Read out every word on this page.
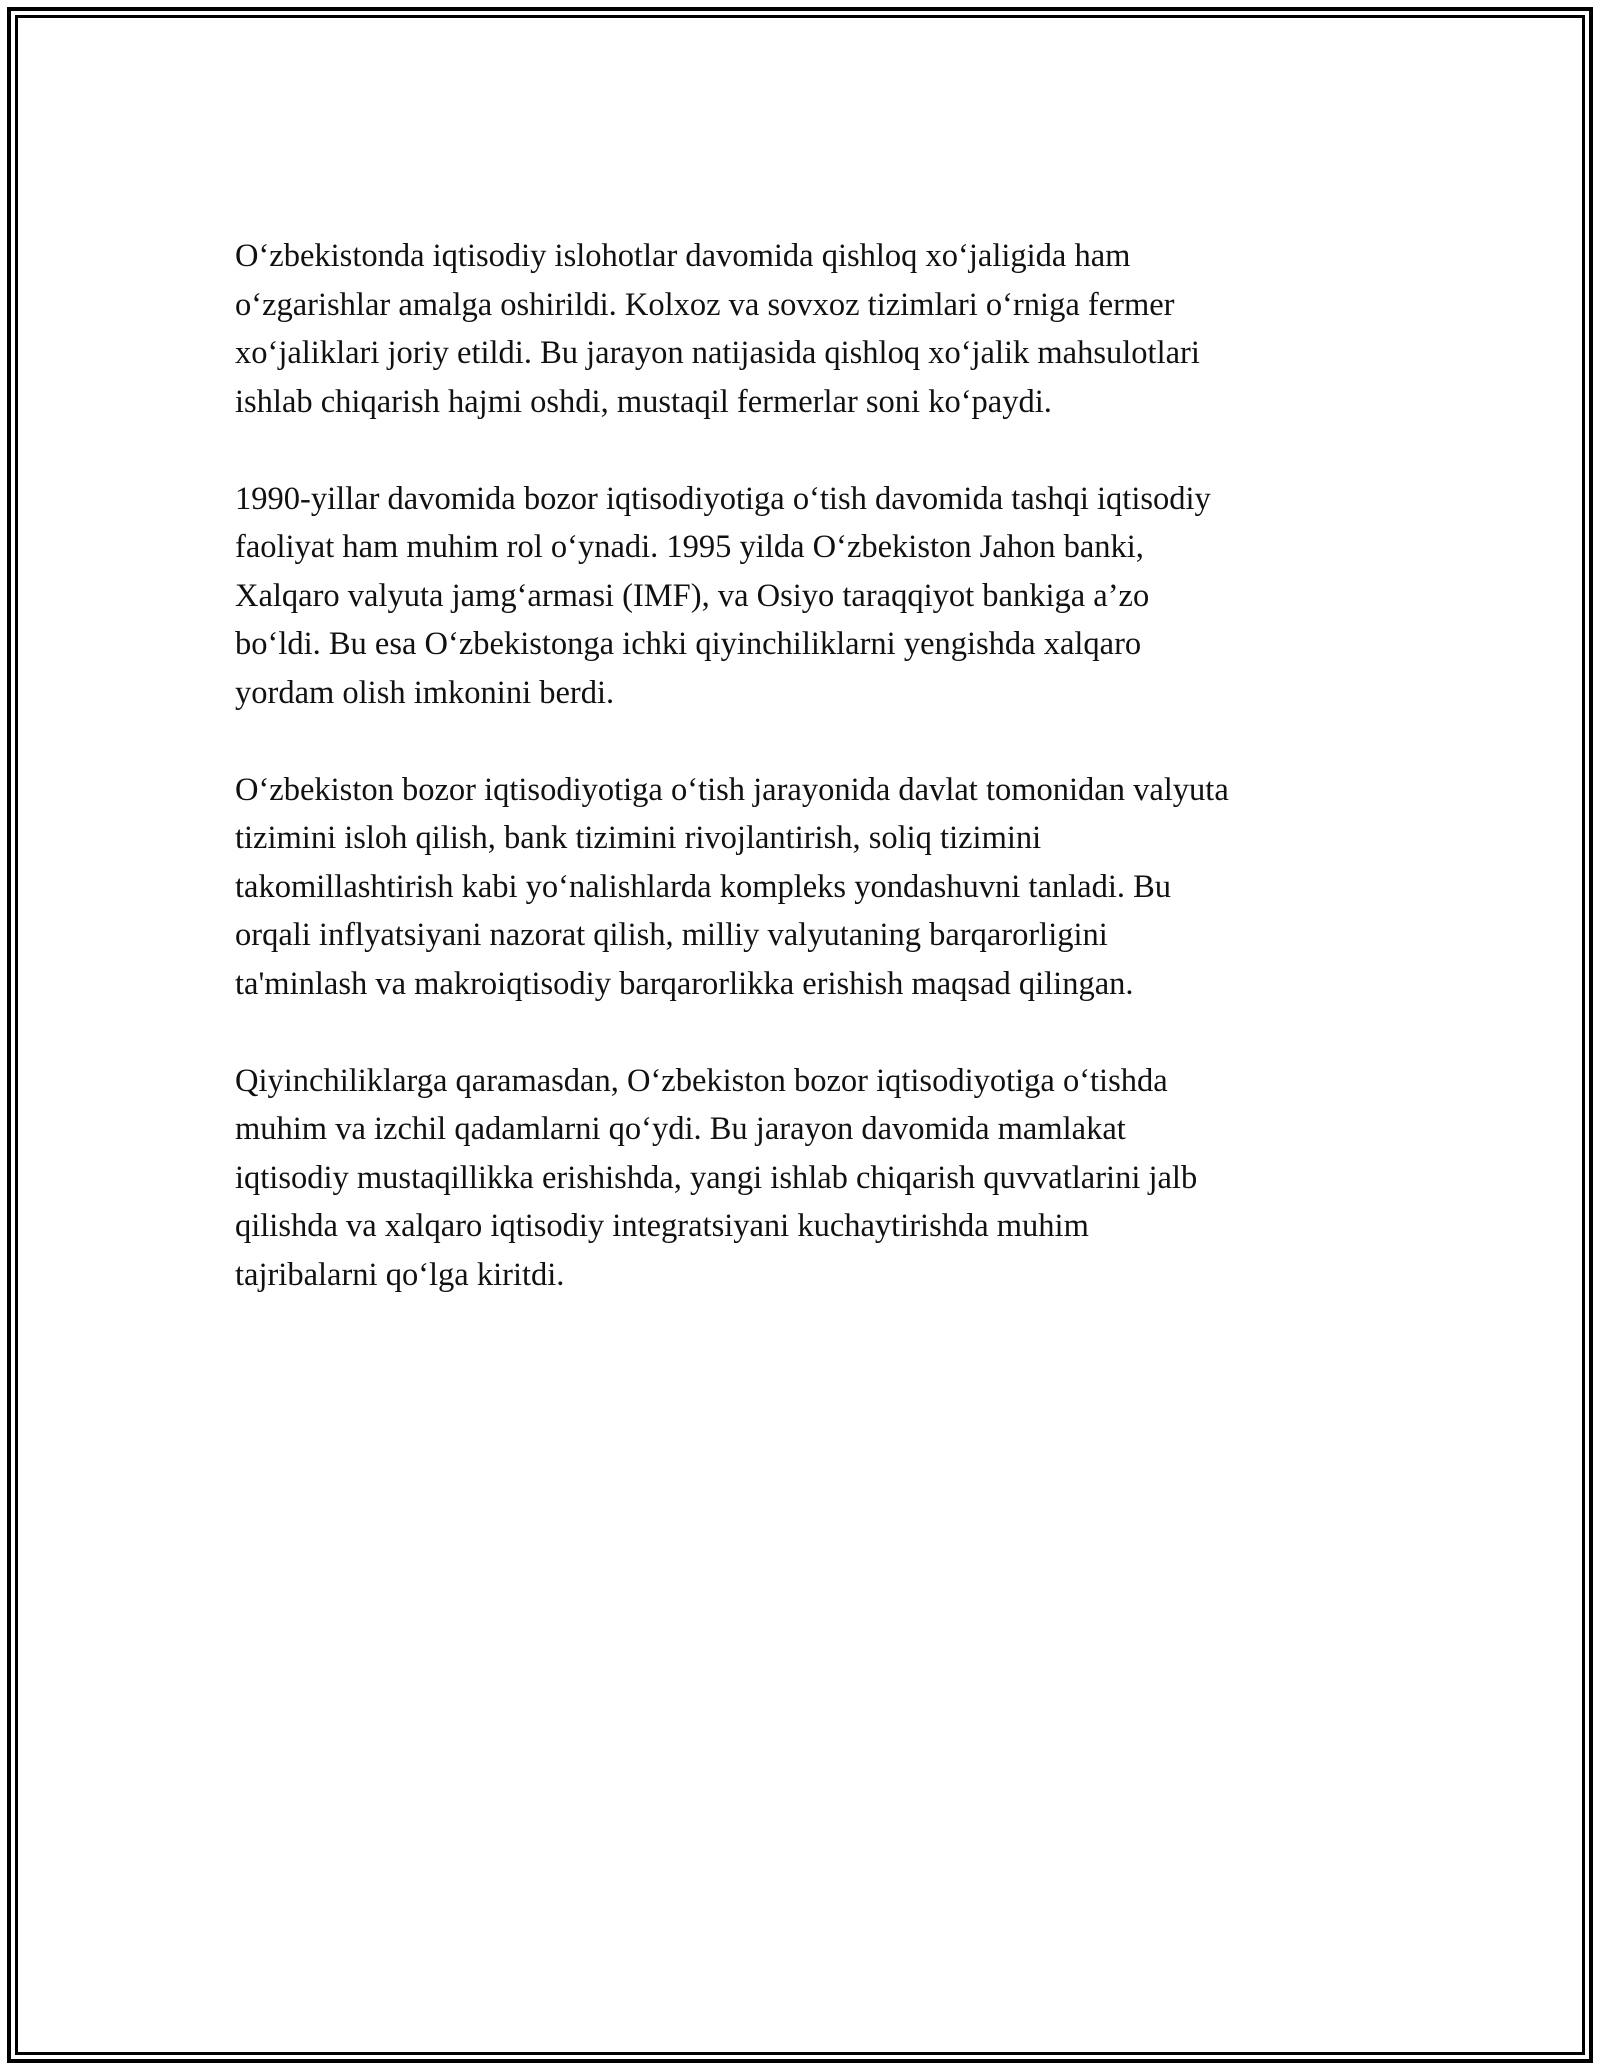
O‘zbekistonda iqtisodiy islohotlar davomida qishloq xo‘jaligida ham
o‘zgarishlar amalga oshirildi. Kolxoz va sovxoz tizimlari o‘rniga fermer
xo‘jaliklari joriy etildi. Bu jarayon natijasida qishloq xo‘jalik mahsulotlari
ishlab chiqarish hajmi oshdi, mustaqil fermerlar soni ko‘paydi.

1990-yillar davomida bozor iqtisodiyotiga o‘tish davomida tashqi iqtisodiy
faoliyat ham muhim rol o‘ynadi. 1995 yilda O‘zbekiston Jahon banki,
Xalqaro valyuta jamg‘armasi (IMF), va Osiyo taraqqiyot bankiga a’zo
bo‘ldi. Bu esa O‘zbekistonga ichki qiyinchiliklarni yengishda xalqaro
yordam olish imkonini berdi.

O‘zbekiston bozor iqtisodiyotiga o‘tish jarayonida davlat tomonidan valyuta
tizimini isloh qilish, bank tizimini rivojlantirish, soliq tizimini
takomillashtirish kabi yo‘nalishlarda kompleks yondashuvni tanladi. Bu
orqali inflyatsiyani nazorat qilish, milliy valyutaning barqarorligini
ta'minlash va makroiqtisodiy barqarorlikka erishish maqsad qilingan.

Qiyinchiliklarga qaramasdan, O‘zbekiston bozor iqtisodiyotiga o‘tishda
muhim va izchil qadamlarni qo‘ydi. Bu jarayon davomida mamlakat
iqtisodiy mustaqillikka erishishda, yangi ishlab chiqarish quvvatlarini jalb
qilishda va xalqaro iqtisodiy integratsiyani kuchaytirishda muhim
tajribalarni qo‘lga kiritdi.
